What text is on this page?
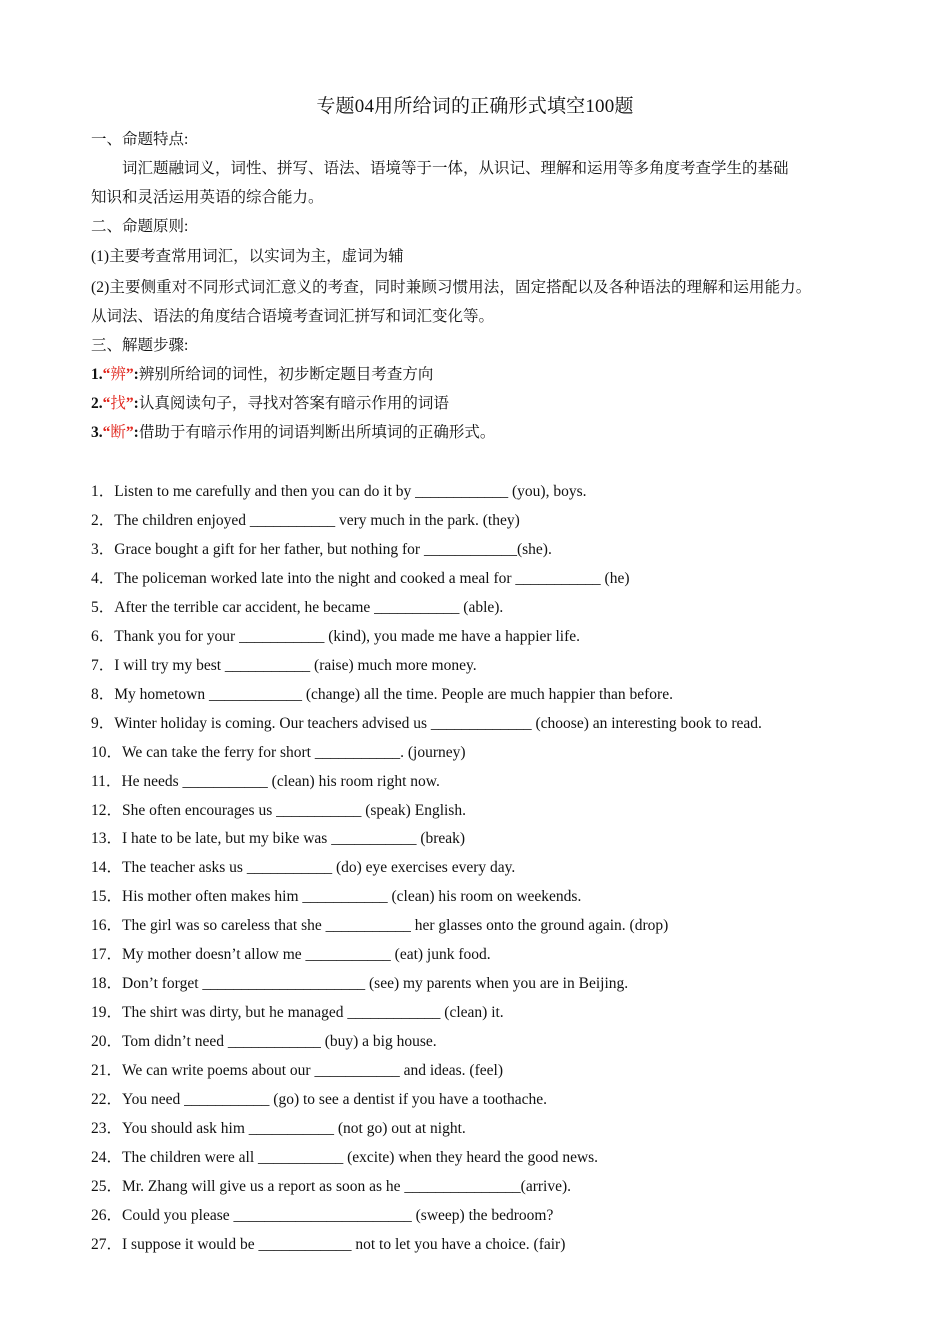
专题04用所给词的正确形式填空100题
一、命题特点:
词汇题融词义，词性、拼写、语法、语境等于一体，从识记、理解和运用等多角度考查学生的基础
知识和灵活运用英语的综合能力。
二、命题原则:
(1)主要考查常用词汇，以实词为主，虚词为辅
(2)主要侧重对不同形式词汇意义的考查，同时兼顾习惯用法，固定搭配以及各种语法的理解和运用能力。
从词法、语法的角度结合语境考查词汇拼写和词汇变化等。
三、解题步骤:
1.“辨”:辨别所给词的词性，初步断定题目考查方向
2.“找”:认真阅读句子，寻找对答案有暗示作用的词语
3.“断”:借助于有暗示作用的词语判断出所填词的正确形式。
1．Listen to me carefully and then you can do it by ____________ (you), boys.
2．The children enjoyed ___________ very much in the park. (they)
3．Grace bought a gift for her father, but nothing for ____________(she).
4．The policeman worked late into the night and cooked a meal for ___________ (he)
5．After the terrible car accident, he became ___________ (able).
6．Thank you for your ___________ (kind), you made me have a happier life.
7．I will try my best ___________ (raise) much more money.
8．My hometown ____________ (change) all the time. People are much happier than before.
9．Winter holiday is coming. Our teachers advised us _____________ (choose) an interesting book to read.
10．We can take the ferry for short ___________. (journey)
11．He needs ___________ (clean) his room right now.
12．She often encourages us ___________ (speak) English.
13．I hate to be late, but my bike was ___________ (break)
14．The teacher asks us ___________ (do) eye exercises every day.
15．His mother often makes him ___________ (clean) his room on weekends.
16．The girl was so careless that she ___________ her glasses onto the ground again. (drop)
17．My mother doesn’t allow me ___________ (eat) junk food.
18．Don’t forget _____________________ (see) my parents when you are in Beijing.
19．The shirt was dirty, but he managed ____________ (clean) it.
20．Tom didn’t need ____________ (buy) a big house.
21．We can write poems about our ___________ and ideas. (feel)
22．You need ___________ (go) to see a dentist if you have a toothache.
23．You should ask him ___________ (not go) out at night.
24．The children were all ___________ (excite) when they heard the good news.
25．Mr. Zhang will give us a report as soon as he _______________(arrive).
26．Could you please _______________________ (sweep) the bedroom?
27．I suppose it would be ____________ not to let you have a choice. (fair)
